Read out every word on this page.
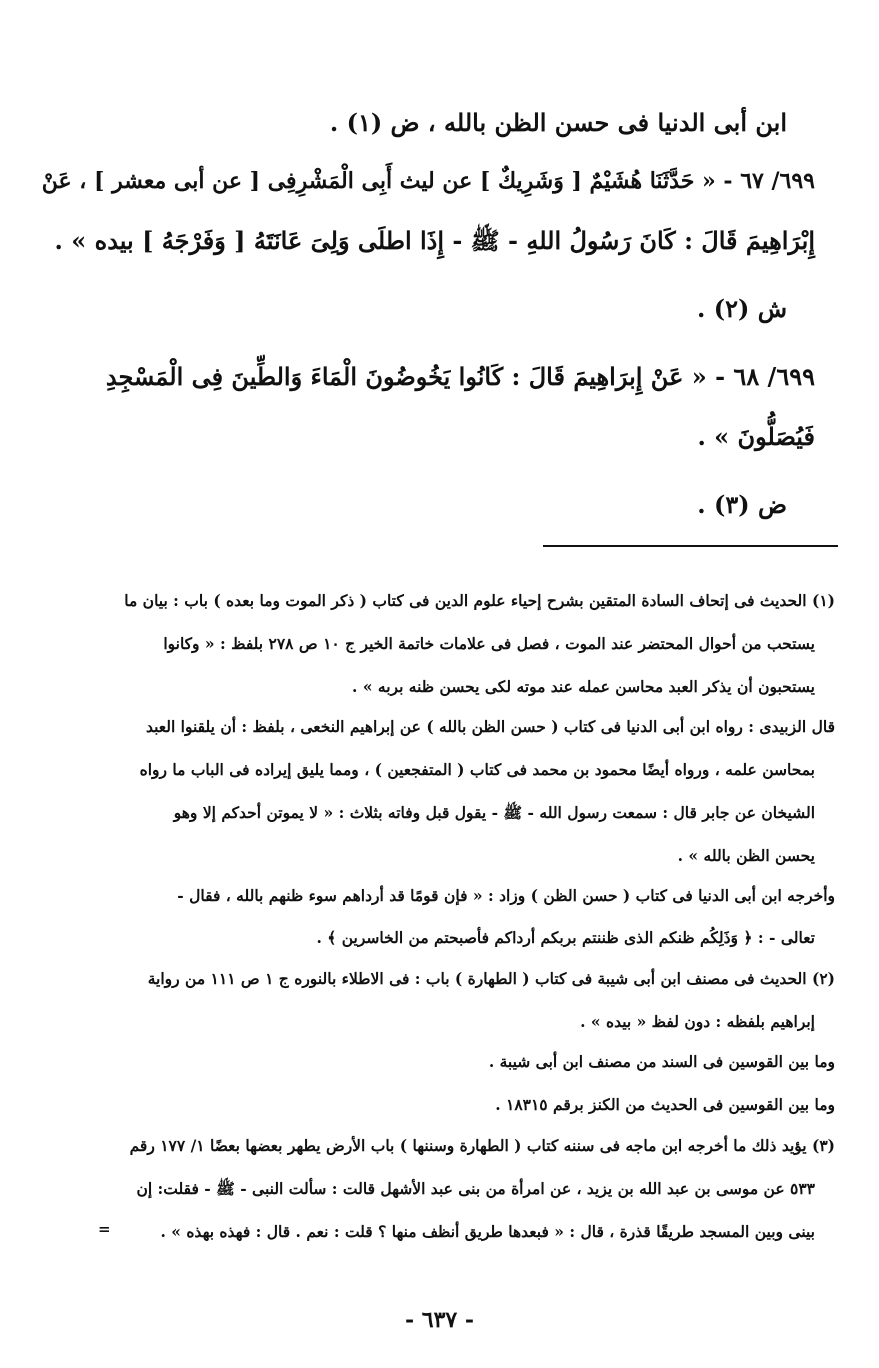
ابن أبى الدنيا فى حسن الظن بالله ، ض (١) .
٦٩٩/ ٦٧ - « حَدَّثَنَا هُشَيْمٌ [ وَشَرِيكٌ ] عن ليث أَبِى الْمَشْرِفِى [ عن أبى معشر ] ، عَنْ
إِبْرَاهِيمَ قَالَ : كَانَ رَسُولُ اللهِ - ﷺ - إِذَا اطلَى وَلِىَ عَانَتَهُ [ وَفَرْجَهُ ] بيده » .
ش (٢) .
٦٩٩/ ٦٨ - « عَنْ إِبرَاهِيمَ قَالَ : كَانُوا يَخُوضُونَ الْمَاءَ وَالطِّينَ فِى الْمَسْجِدِ
فَيُصَلُّونَ » .
ض (٣) .
(١) الحديث فى إتحاف السادة المتقين بشرح إحياء علوم الدين فى كتاب ( ذكر الموت وما بعده ) باب : بيان ما
يستحب من أحوال المحتضر عند الموت ، فصل فى علامات خاتمة الخير ج ١٠ ص ٢٧٨ بلفظ : « وكانوا
يستحبون أن يذكر العبد محاسن عمله عند موته لكى يحسن ظنه بربه » .
قال الزبيدى : رواه ابن أبى الدنيا فى كتاب ( حسن الظن بالله ) عن إبراهيم النخعى ، بلفظ : أن يلقنوا العبد
بمحاسن علمه ، ورواه أيضًا محمود بن محمد فى كتاب ( المتفجعين ) ، ومما يليق إيراده فى الباب ما رواه
الشيخان عن جابر قال : سمعت رسول الله - ﷺ - يقول قبل وفاته بثلاث : « لا يموتن أحدكم إلا وهو
يحسن الظن بالله » .
وأخرجه ابن أبى الدنيا فى كتاب ( حسن الظن ) وزاد : « فإن قومًا قد أرداهم سوء ظنهم بالله ، فقال -
تعالى - : ﴿ وَذَلِكُم ظنكم الذى ظننتم بربكم أرداكم فأصبحتم من الخاسرين ﴾ .
(٢) الحديث فى مصنف ابن أبى شيبة فى كتاب ( الطهارة ) باب : فى الاطلاء بالنوره ج ١ ص ١١١ من رواية
إبراهيم بلفظه : دون لفظ « بيده » .
وما بين القوسين فى السند من مصنف ابن أبى شيبة .
وما بين القوسين فى الحديث من الكنز برقم ١٨٣١٥ .
(٣) يؤيد ذلك ما أخرجه ابن ماجه فى سننه كتاب ( الطهارة وسننها ) باب الأرض يطهر بعضها بعضًا ١/ ١٧٧ رقم
٥٣٣ عن موسى بن عبد الله بن يزيد ، عن امرأة من بنى عبد الأشهل قالت : سألت النبى - ﷺ - فقلت: إن
بينى وبين المسجد طريقًا قذرة ، قال : « فبعدها طريق أنظف منها ؟ قلت : نعم . قال : فهذه بهذه » .
=
- ٦٣٧ -
